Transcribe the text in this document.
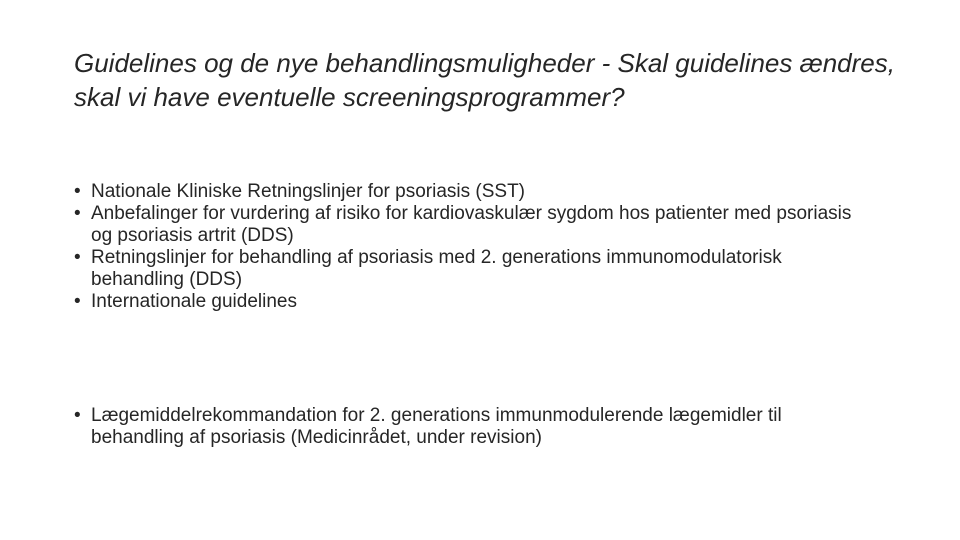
Guidelines og de nye behandlingsmuligheder - Skal guidelines ændres, skal vi have eventuelle screeningsprogrammer?
• Nationale Kliniske Retningslinjer for psoriasis (SST)
• Anbefalinger for vurdering af risiko for kardiovaskulær sygdom hos patienter med psoriasis og psoriasis artrit (DDS)
• Retningslinjer for behandling af psoriasis med 2. generations immunomodulatorisk behandling (DDS)
• Internationale guidelines
• Lægemiddelrekommandation for 2. generations immunmodulerende lægemidler til behandling af psoriasis (Medicinrådet, under revision)
